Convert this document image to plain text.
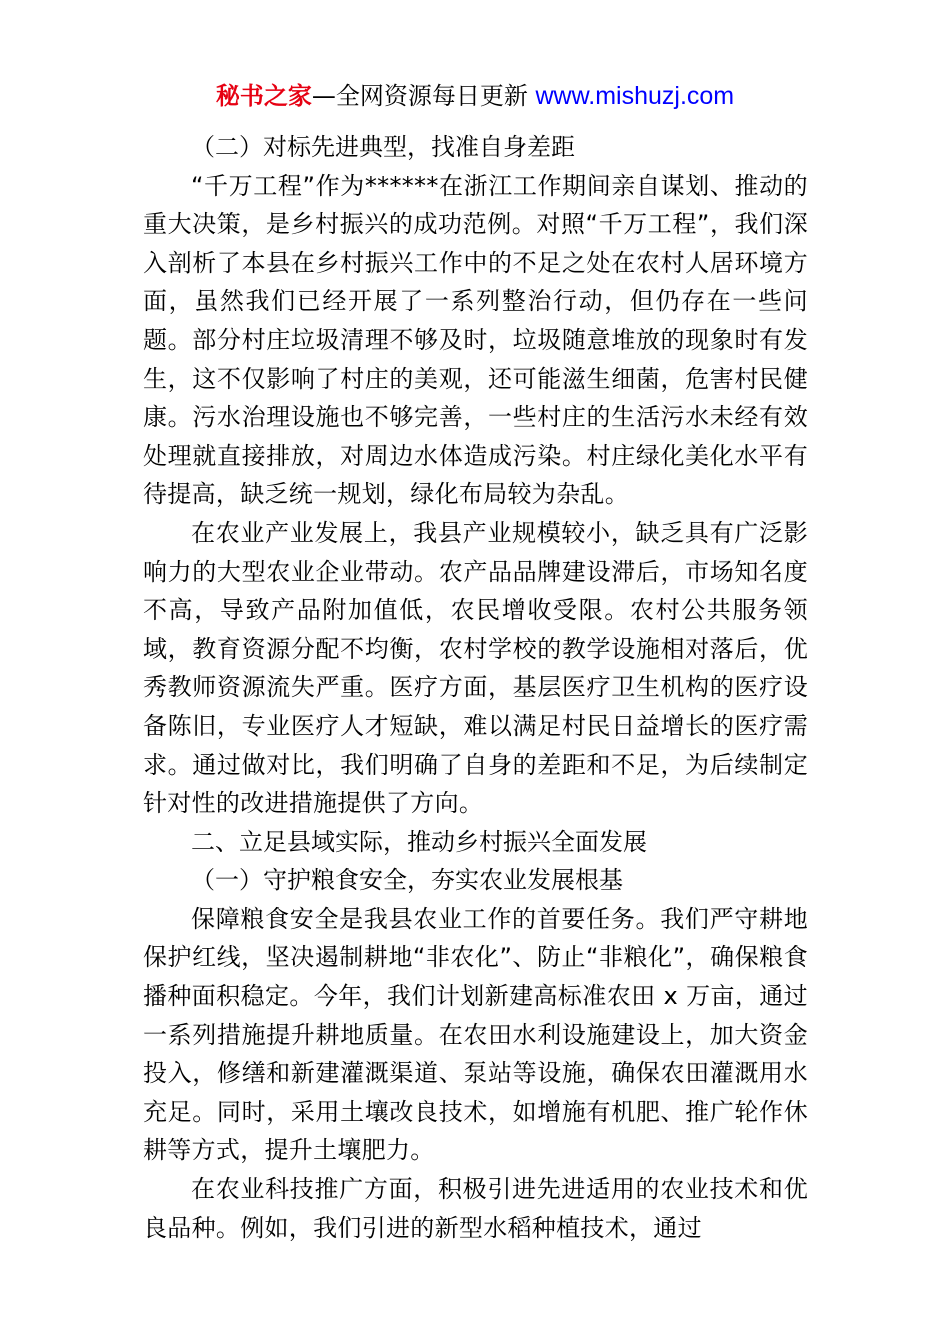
秘书之家—全网资源每日更新 www.mishuzj.com

（二）对标先进典型，找准自身差距

“千万工程”作为******在浙江工作期间亲自谋划、推动的重大决策，是乡村振兴的成功范例。对照“千万工程”，我们深入剖析了本县在乡村振兴工作中的不足之处在农村人居环境方面，虽然我们已经开展了一系列整治行动，但仍存在一些问题。部分村庄垃圾清理不够及时，垃圾随意堆放的现象时有发生，这不仅影响了村庄的美观，还可能滋生细菌，危害村民健康。污水治理设施也不够完善，一些村庄的生活污水未经有效处理就直接排放，对周边水体造成污染。村庄绿化美化水平有待提高，缺乏统一规划，绿化布局较为杂乱。

在农业产业发展上，我县产业规模较小，缺乏具有广泛影响力的大型农业企业带动。农产品品牌建设滞后，市场知名度不高，导致产品附加值低，农民增收受限。农村公共服务领域，教育资源分配不均衡，农村学校的教学设施相对落后，优秀教师资源流失严重。医疗方面，基层医疗卫生机构的医疗设备陈旧，专业医疗人才短缺，难以满足村民日益增长的医疗需求。通过做对比，我们明确了自身的差距和不足，为后续制定针对性的改进措施提供了方向。

二、立足县域实际，推动乡村振兴全面发展

（一）守护粮食安全，夯实农业发展根基

保障粮食安全是我县农业工作的首要任务。我们严守耕地保护红线，坚决遏制耕地“非农化”、防止“非粮化”，确保粮食播种面积稳定。今年，我们计划新建高标准农田 x 万亩，通过一系列措施提升耕地质量。在农田水利设施建设上，加大资金投入，修缮和新建灌溉渠道、泵站等设施，确保农田灌溉用水充足。同时，采用土壤改良技术，如增施有机肥、推广轮作休耕等方式，提升土壤肥力。

在农业科技推广方面，积极引进先进适用的农业技术和优良品种。例如，我们引进的新型水稻种植技术，通过
